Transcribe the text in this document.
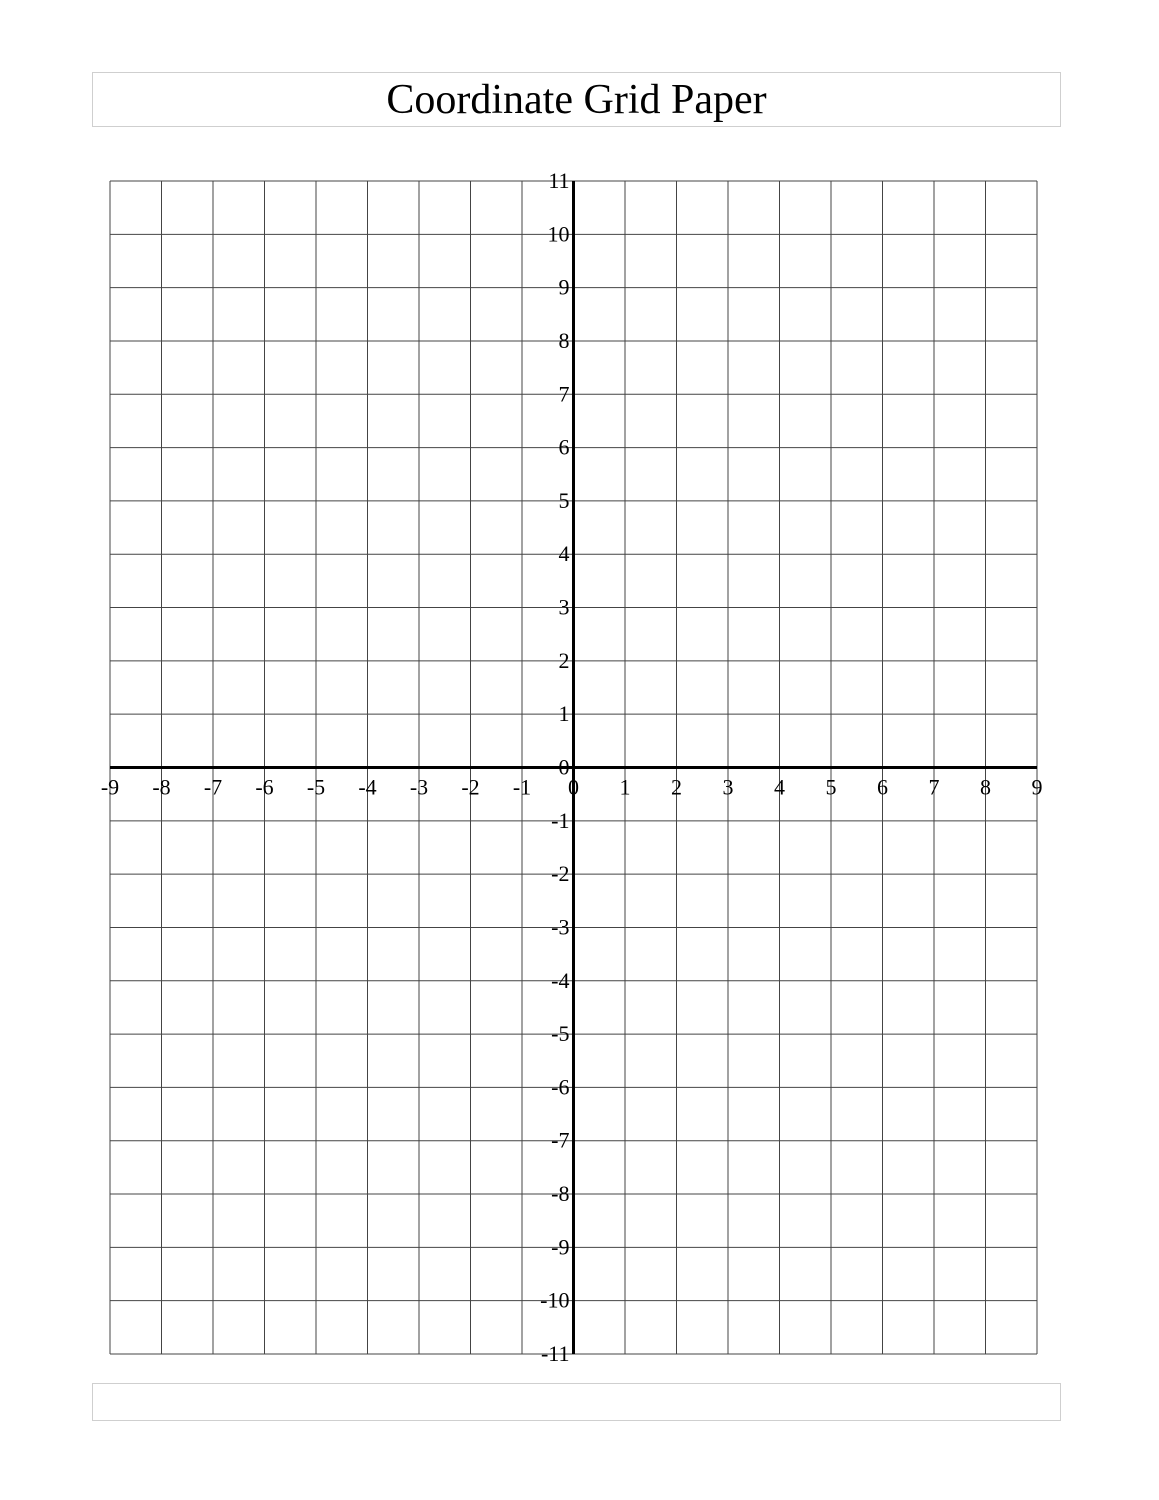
Coordinate Grid Paper
-9 -8 -7 -6 -5 -4 -3 -2 -1 0 1 2 3 4 5 6 7 8 9
11
10
9
8
7
6
5
4
3
2
1
0
-1
-2
-3
-4
-5
-6
-7
-8
-9
-10
-11
